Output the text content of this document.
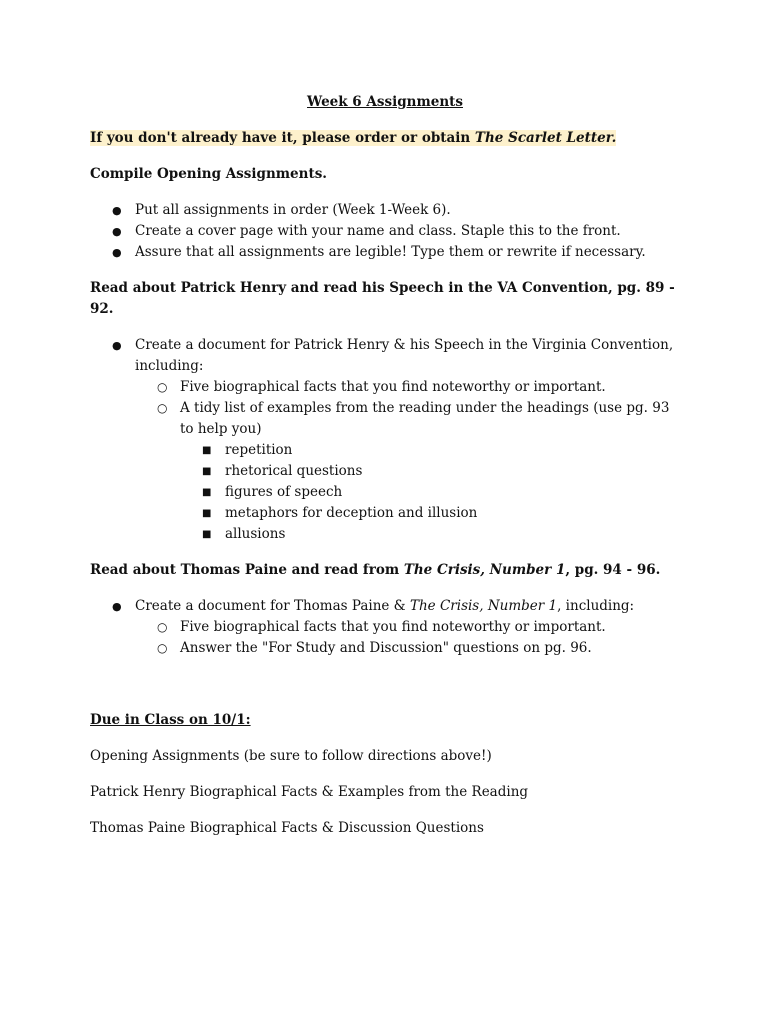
Week 6 Assignments

If you don't already have it, please order or obtain The Scarlet Letter.

Compile Opening Assignments.

● Put all assignments in order (Week 1-Week 6).
● Create a cover page with your name and class. Staple this to the front.
● Assure that all assignments are legible! Type them or rewrite if necessary.

Read about Patrick Henry and read his Speech in the VA Convention, pg. 89 - 92.

● Create a document for Patrick Henry & his Speech in the Virginia Convention, including:
○ Five biographical facts that you find noteworthy or important.
○ A tidy list of examples from the reading under the headings (use pg. 93 to help you)
■ repetition
■ rhetorical questions
■ figures of speech
■ metaphors for deception and illusion
■ allusions

Read about Thomas Paine and read from The Crisis, Number 1, pg. 94 - 96.

● Create a document for Thomas Paine & The Crisis, Number 1, including:
○ Five biographical facts that you find noteworthy or important.
○ Answer the "For Study and Discussion" questions on pg. 96.

Due in Class on 10/1:

Opening Assignments (be sure to follow directions above!)

Patrick Henry Biographical Facts & Examples from the Reading

Thomas Paine Biographical Facts & Discussion Questions
